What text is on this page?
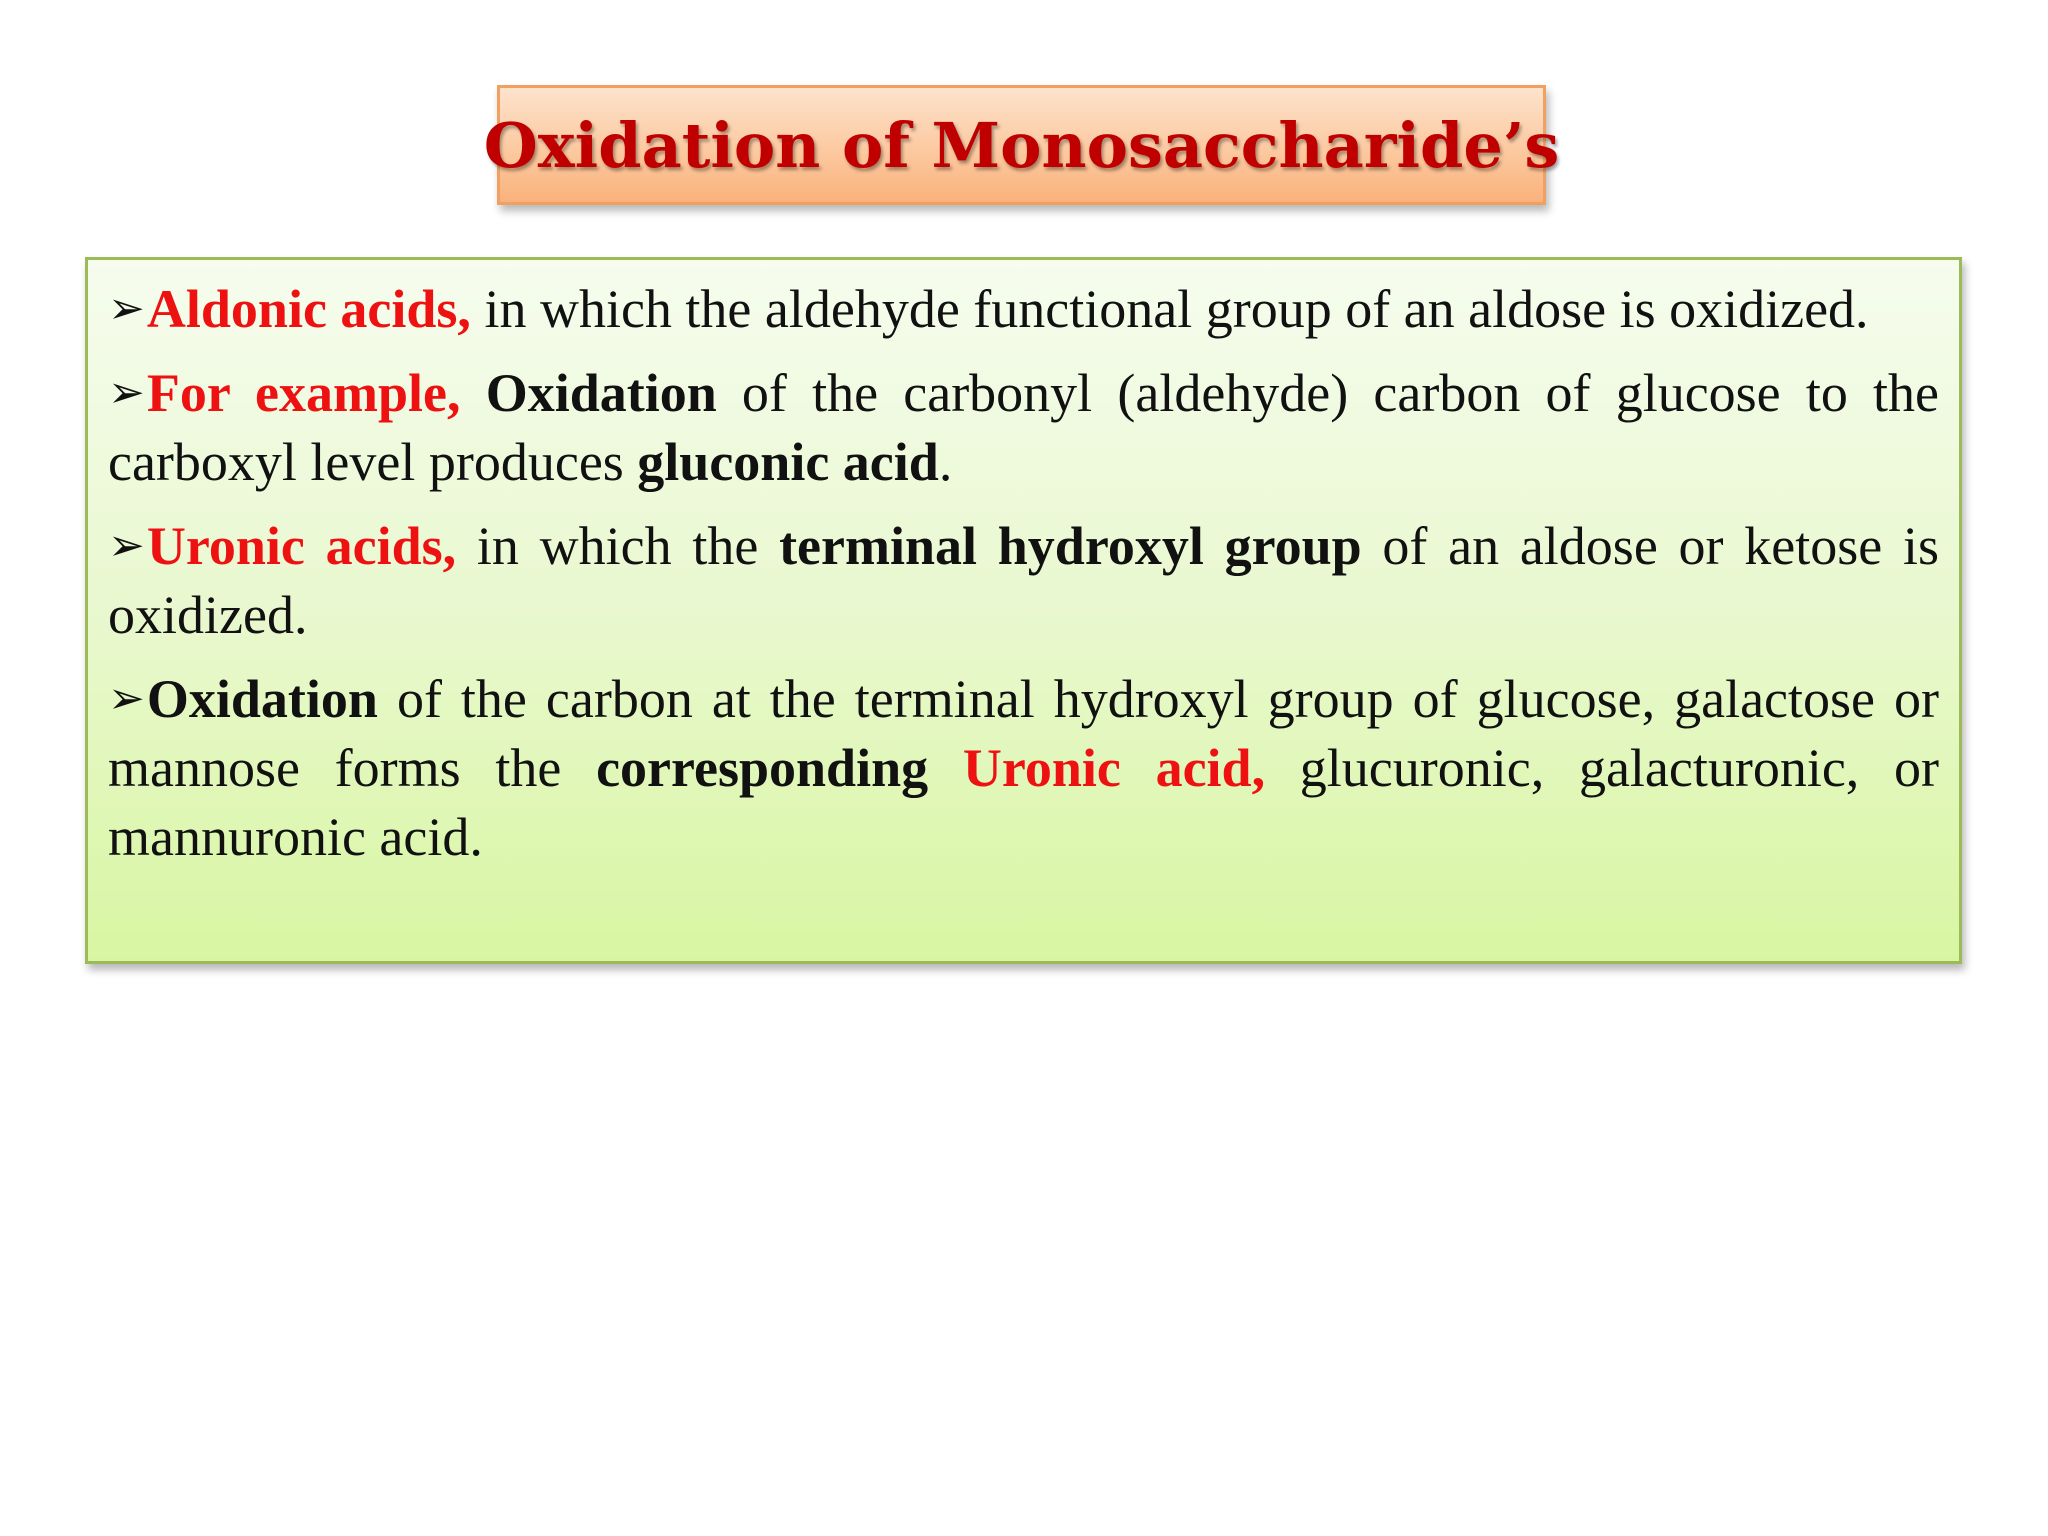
Oxidation of Monosaccharide’s

➢Aldonic acids, in which the aldehyde functional group of an aldose is oxidized.

➢For example, Oxidation of the carbonyl (aldehyde) carbon of glucose to the carboxyl level produces gluconic acid.

➢Uronic acids, in which the terminal hydroxyl group of an aldose or ketose is oxidized.

➢Oxidation of the carbon at the terminal hydroxyl group of glucose, galactose or mannose forms the corresponding Uronic acid, glucuronic, galacturonic, or mannuronic acid.
